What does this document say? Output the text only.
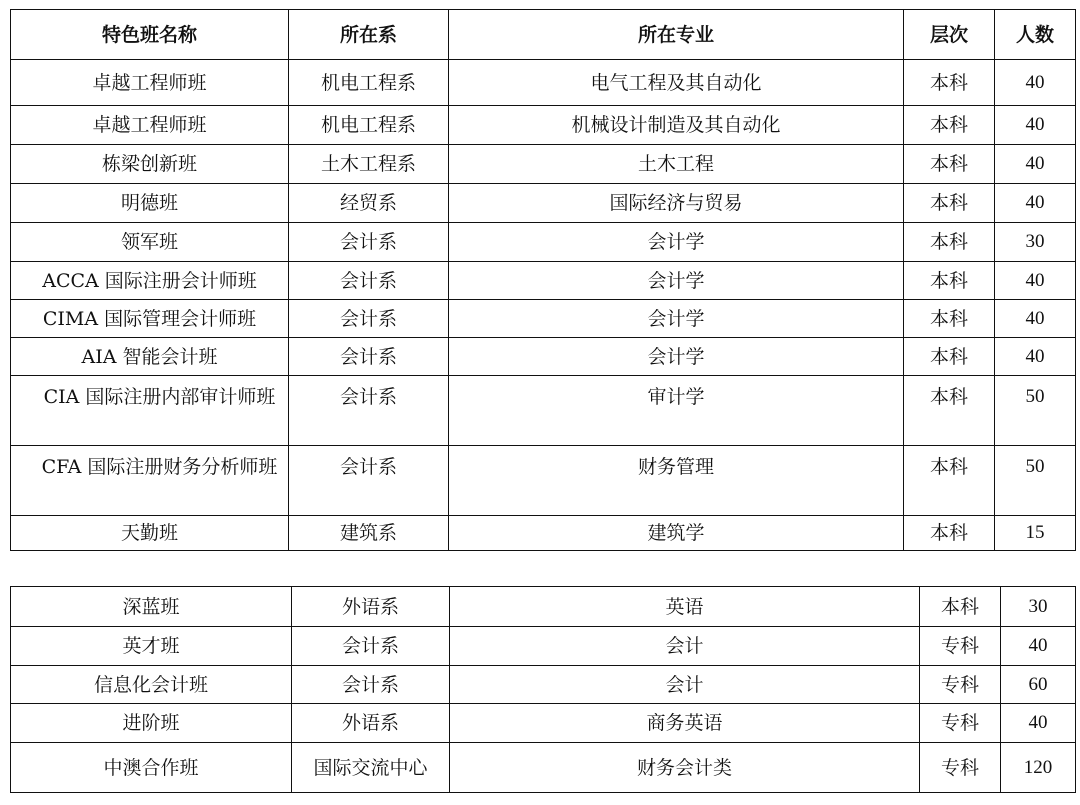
特色班名称	所在系	所在专业	层次	人数
卓越工程师班	机电工程系	电气工程及其自动化	本科	40
卓越工程师班	机电工程系	机械设计制造及其自动化	本科	40
栋梁创新班	土木工程系	土木工程	本科	40
明德班	经贸系	国际经济与贸易	本科	40
领军班	会计系	会计学	本科	30
ACCA 国际注册会计师班	会计系	会计学	本科	40
CIMA 国际管理会计师班	会计系	会计学	本科	40
AIA 智能会计班	会计系	会计学	本科	40
CIA 国际注册内部审计师班	会计系	审计学	本科	50
CFA 国际注册财务分析师班	会计系	财务管理	本科	50
天勤班	建筑系	建筑学	本科	15
深蓝班	外语系	英语	本科	30
英才班	会计系	会计	专科	40
信息化会计班	会计系	会计	专科	60
进阶班	外语系	商务英语	专科	40
中澳合作班	国际交流中心	财务会计类	专科	120
